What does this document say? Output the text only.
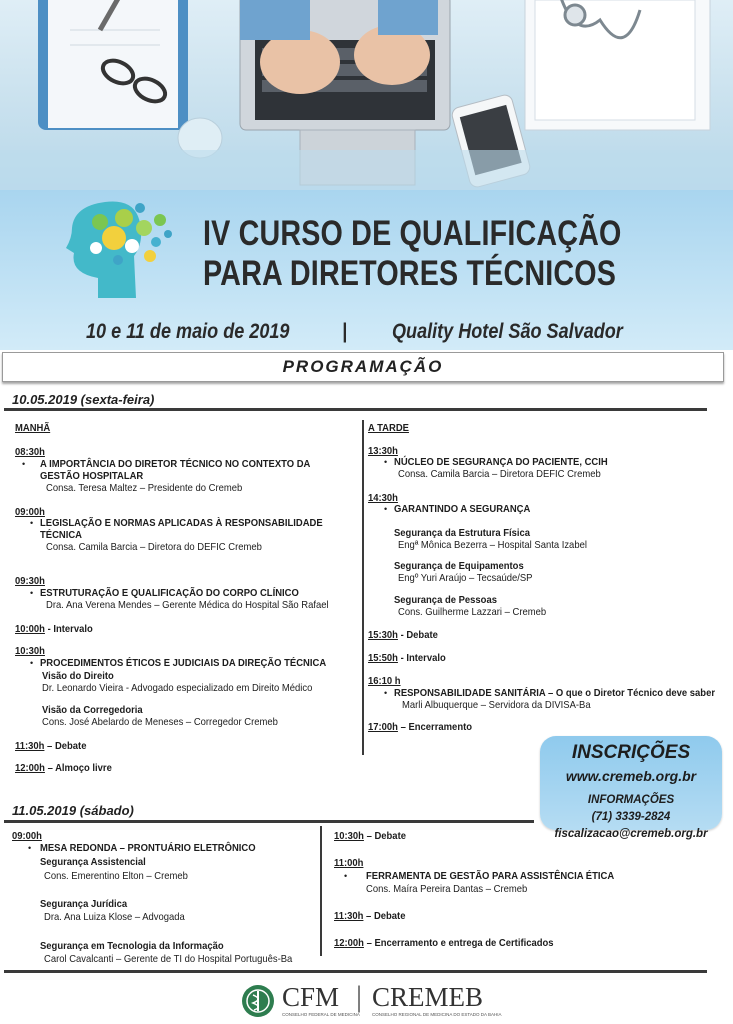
IV CURSO DE QUALIFICAÇÃO
PARA DIRETORES TÉCNICOS
10 e 11 de maio de 2019	| Quality Hotel São Salvador
PROGRAMAÇÃO
10.05.2019 (sexta-feira)
MANHÃ
08:30h
• A IMPORTÂNCIA DO DIRETOR TÉCNICO NO CONTEXTO DA
GESTÃO HOSPITALAR
Consa. Teresa Maltez – Presidente do Cremeb
09:00h
• LEGISLAÇÃO E NORMAS APLICADAS À RESPONSABILIDADE
TÉCNICA
Consa. Camila Barcia – Diretora do DEFIC Cremeb
09:30h
• ESTRUTURAÇÃO E QUALIFICAÇÃO DO CORPO CLÍNICO
Dra. Ana Verena Mendes – Gerente Médica do Hospital São Rafael
10:00h - Intervalo
10:30h
• PROCEDIMENTOS ÉTICOS E JUDICIAIS DA DIREÇÃO TÉCNICA
Visão do Direito
Dr. Leonardo Vieira - Advogado especializado em Direito Médico
Visão da Corregedoria
Cons. José Abelardo de Meneses – Corregedor Cremeb
11:30h – Debate
12:00h – Almoço livre
A TARDE
13:30h
• NÚCLEO DE SEGURANÇA DO PACIENTE, CCIH
Consa. Camila Barcia – Diretora DEFIC Cremeb
14:30h
• GARANTINDO A SEGURANÇA
Segurança da Estrutura Física
Engª Mônica Bezerra – Hospital Santa Izabel
Segurança de Equipamentos
Engº Yuri Araújo – Tecsaúde/SP
Segurança de Pessoas
Cons. Guilherme Lazzari – Cremeb
15:30h - Debate
15:50h - Intervalo
16:10 h
• RESPONSABILIDADE SANITÁRIA – O que o Diretor Técnico deve saber
Marli Albuquerque – Servidora da DIVISA-Ba
17:00h – Encerramento
INSCRIÇÕES
www.cremeb.org.br
INFORMAÇÕES
(71) 3339-2824
fiscalizacao@cremeb.org.br
11.05.2019 (sábado)
09:00h
• MESA REDONDA – PRONTUÁRIO ELETRÔNICO
Segurança Assistencial
Cons. Emerentino Elton – Cremeb
Segurança Jurídica
Dra. Ana Luiza Klose – Advogada
Segurança em Tecnologia da Informação
Carol Cavalcanti – Gerente de TI do Hospital Português-Ba
10:30h – Debate
11:00h
• FERRAMENTA DE GESTÃO PARA ASSISTÊNCIA ÉTICA
Cons. Maíra Pereira Dantas – Cremeb
11:30h – Debate
12:00h – Encerramento e entrega de Certificados
CFM
CONSELHO FEDERAL DE MEDICINA
| CREMEB
CONSELHO REGIONAL DE MEDICINA DO ESTADO DA BAHIA
